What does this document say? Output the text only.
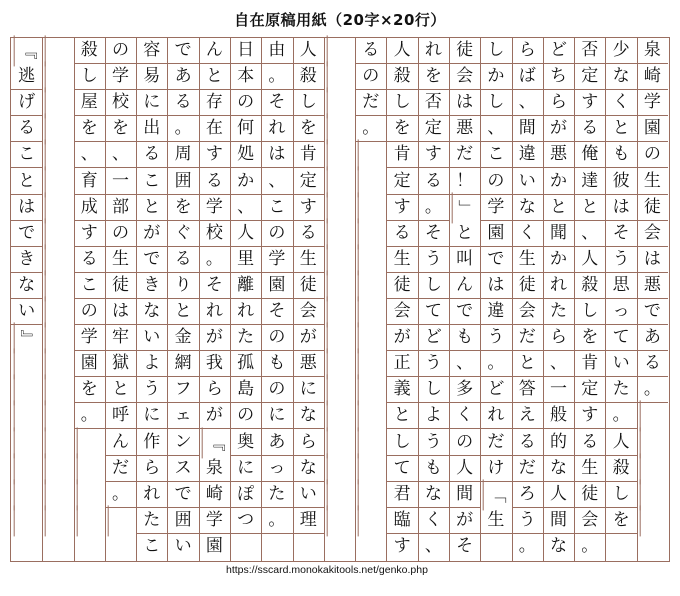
自在原稿用紙（20字×20行）
泉
崎
学
園
の
生
徒
会
は
悪
で
あ
る
。
少
な
く
と
も
彼
は
そ
う
思
っ
て
い
た
。
人
殺
し
を
否
定
す
る
俺
達
と
、
人
殺
し
を
肯
定
す
る
生
徒
会
。
ど
ち
ら
が
悪
か
と
聞
か
れ
た
ら
、
一
般
的
な
人
間
な
ら
ば
、
間
違
い
な
く
生
徒
会
だ
と
答
え
る
だ
ろ
う
。
し
か
し
、
こ
の
学
園
で
は
違
う
。
ど
れ
だ
け
「
生
徒
会
は
悪
だ
！
」
と
叫
ん
で
も
、
多
く
の
人
間
が
そ
れ
を
否
定
す
る
。
そ
う
し
て
ど
う
し
よ
う
も
な
く
、
人
殺
し
を
肯
定
す
る
生
徒
会
が
正
義
と
し
て
君
臨
す
る
の
だ
。
人
殺
し
を
肯
定
す
る
生
徒
会
が
悪
に
な
ら
な
い
理
由
。
そ
れ
は
、
こ
の
学
園
そ
の
も
の
に
あ
っ
た
。
日
本
の
何
処
か
、
人
里
離
れ
た
孤
島
の
奥
に
ぽ
つ
ん
と
存
在
す
る
学
校
。
そ
れ
が
我
ら
が
『
泉
崎
学
園
で
あ
る
。
周
囲
を
ぐ
る
り
と
金
網
フ
ェ
ン
ス
で
囲
い
容
易
に
出
る
こ
と
が
で
き
な
い
よ
う
に
作
ら
れ
た
こ
の
学
校
を
、
一
部
の
生
徒
は
牢
獄
と
呼
ん
だ
。
殺
し
屋
を
、
育
成
す
る
こ
の
学
園
を
。
『
逃
げ
る
こ
と
は
で
き
な
い
』
https://sscard.monokakitools.net/genko.php
